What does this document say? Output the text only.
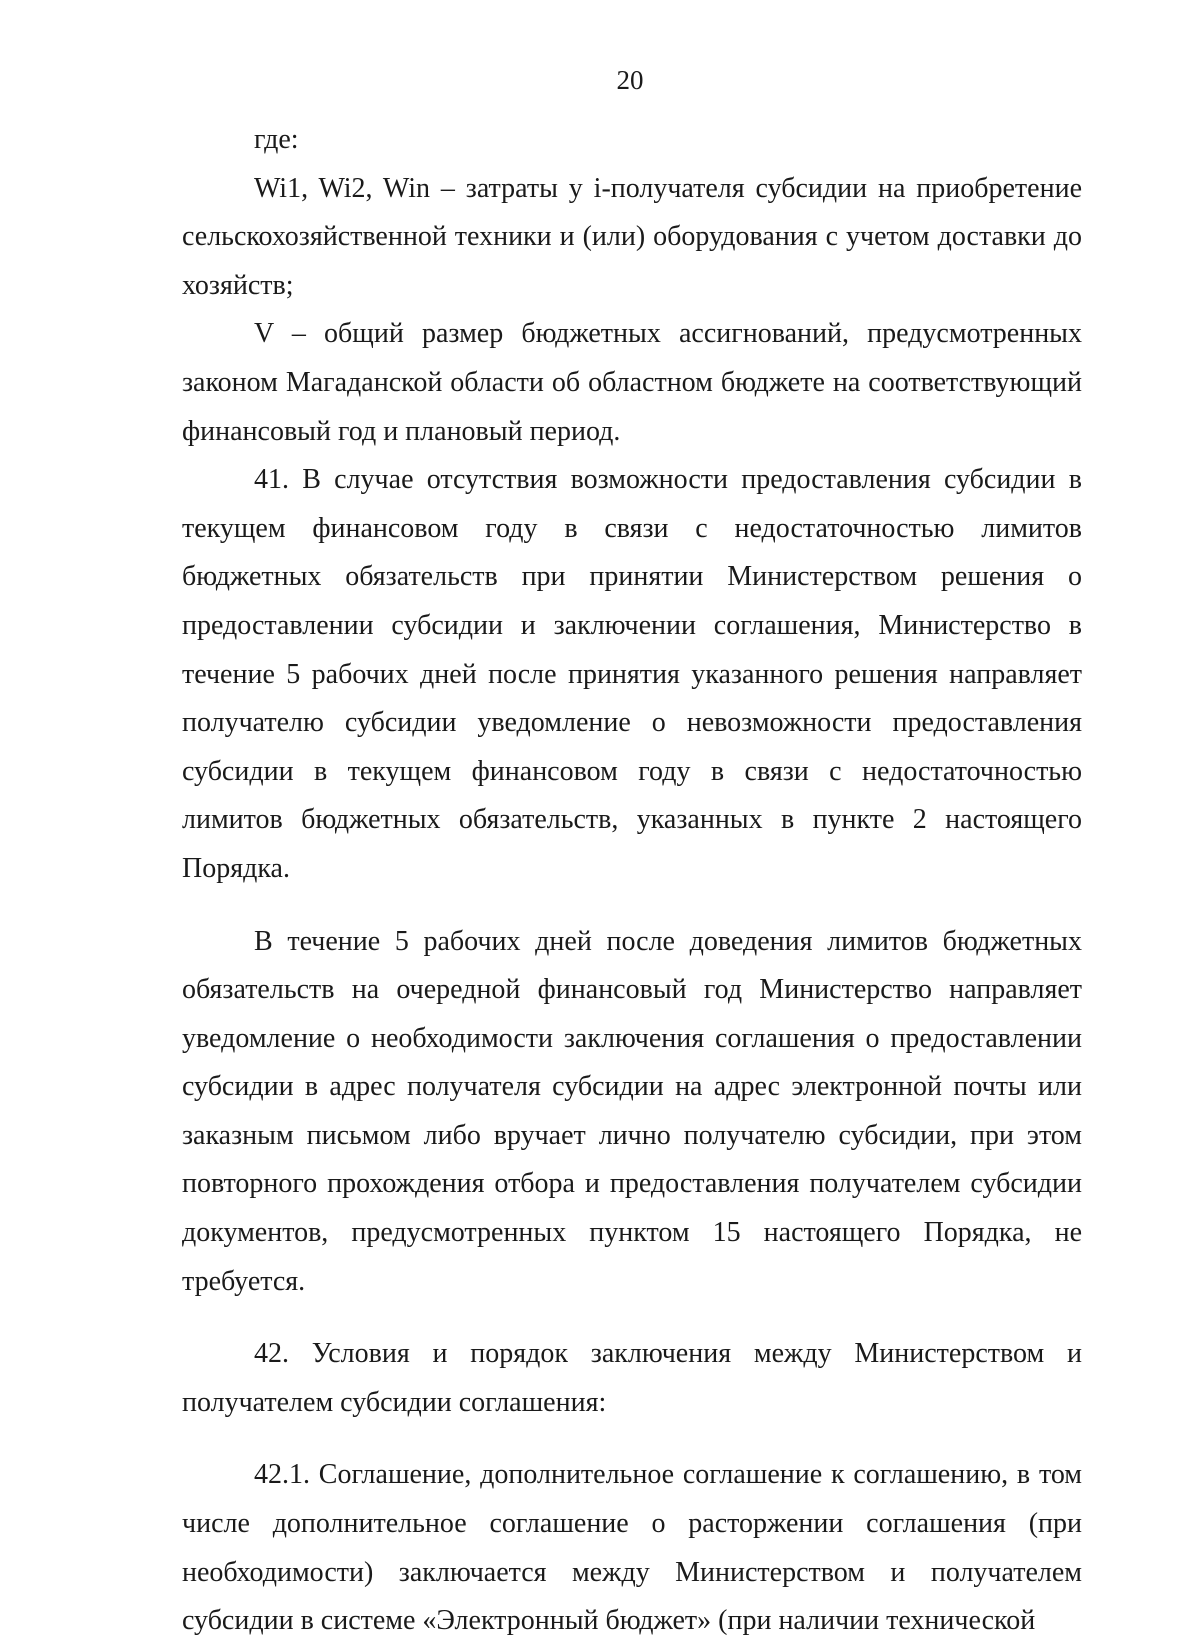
20

где:

Wi1, Wi2, Win – затраты у i-получателя субсидии на приобретение сельскохозяйственной техники и (или) оборудования с учетом доставки до хозяйств;

V – общий размер бюджетных ассигнований, предусмотренных законом Магаданской области об областном бюджете на соответствующий финансовый год и плановый период.

41. В случае отсутствия возможности предоставления субсидии в текущем финансовом году в связи с недостаточностью лимитов бюджетных обязательств при принятии Министерством решения о предоставлении субсидии и заключении соглашения, Министерство в течение 5 рабочих дней после принятия указанного решения направляет получателю субсидии уведомление о невозможности предоставления субсидии в текущем финансовом году в связи с недостаточностью лимитов бюджетных обязательств, указанных в пункте 2 настоящего Порядка.

В течение 5 рабочих дней после доведения лимитов бюджетных обязательств на очередной финансовый год Министерство направляет уведомление о необходимости заключения соглашения о предоставлении субсидии в адрес получателя субсидии на адрес электронной почты или заказным письмом либо вручает лично получателю субсидии, при этом повторного прохождения отбора и предоставления получателем субсидии документов, предусмотренных пунктом 15 настоящего Порядка, не требуется.

42. Условия и порядок заключения между Министерством и получателем субсидии соглашения:

42.1. Соглашение, дополнительное соглашение к соглашению, в том числе дополнительное соглашение о расторжении соглашения (при необходимости) заключается между Министерством и получателем субсидии в системе «Электронный бюджет» (при наличии технической
